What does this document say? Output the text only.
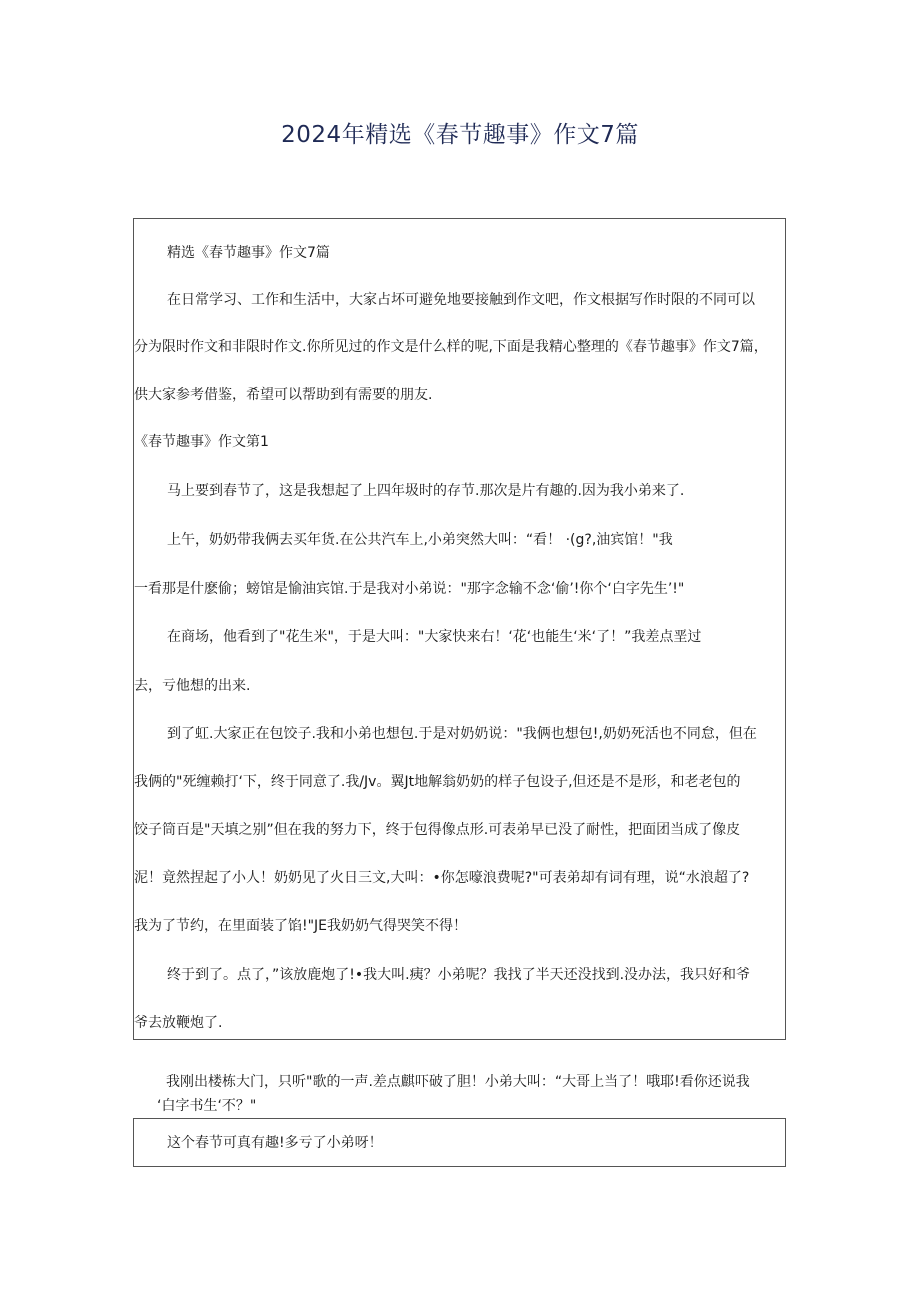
2024年精选《春节趣事》作文7篇
精选《春节趣事》作文7篇
在日常学习、工作和生活中，大家占坏可避免地要接触到作文吧，作文根据写作时限的不同可以
分为限时作文和非限时作文.你所见过的作文是什么样的呢,下面是我精心整理的《春节趣事》作文7篇，
供大家参考借鉴，希望可以帮助到有需要的朋友.
《春节趣事》作文第1
马上要到春节了，这是我想起了上四年圾时的存节.那次是片有趣的.因为我小弟来了.
上午，奶奶带我俩去买年货.在公共汽车上,小弟突然大叫：“看！ ·(g?,油宾馆！"我
一看那是什麽偷；螃馆是愉油宾馆.于是我对小弟说："那字念输不念‘偷’!你个‘白字先生’!"
在商场，他看到了"花生米"，于是大叫："大家快来右！‘花‘也能生‘米‘了！”我差点垩过
去，亏他想的出来.
到了虹.大家正在包饺子.我和小弟也想包.于是对奶奶说："我俩也想包!,奶奶死活也不同怠，但在
我俩的"死缠赖打‘下，终于同意了.我/Jv。翼Jt地解翁奶奶的样子包设子,但还是不是形，和老老包的
饺子筒百是"天填之别”但在我的努力下，终于包得像点形.可表弟早已没了耐性，把面团当成了像皮
泥！竟然捏起了小人！奶奶见了火日三文,大叫：•你怎嚎浪费呢?"可表弟却有词有理，说“水浪超了?
我为了节约，在里面装了馅!"JE我奶奶气得哭笑不得！
终于到了。点了，”该放鹿炮了!•我大叫.痍？小弟呢？我找了半天还没找到.没办法，我只好和爷
爷去放鞭炮了.
我刚出楼栋大门，只听"歌的一声.差点麒吓破了胆！小弟大叫：“大哥上当了！哦耶!看你还说我
‘白字书生‘不？"
这个春节可真有趣!多亏了小弟呀！
